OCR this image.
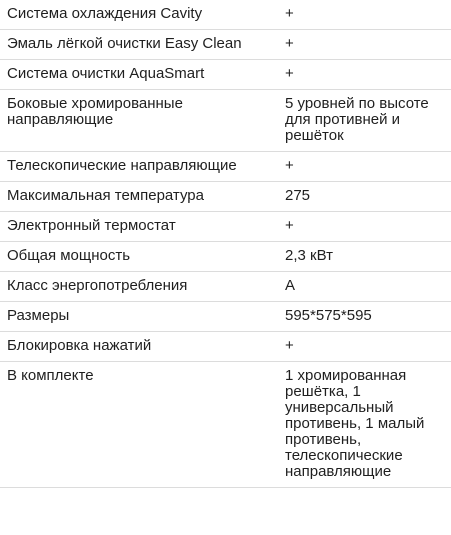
Система охлаждения Cavity	+
Эмаль лёгкой очистки Easy Clean	+
Система очистки AquaSmart	+
Боковые хромированные направляющие	5 уровней по высоте для противней и решёток
Телескопические направляющие	+
Максимальная температура	275
Электронный термостат	+
Общая мощность	2,3 кВт
Класс энергопотребления	A
Размеры	595*575*595
Блокировка нажатий	+
В комплекте	1 хромированная решётка, 1 универсальный противень, 1 малый противень, телескопические направляющие
